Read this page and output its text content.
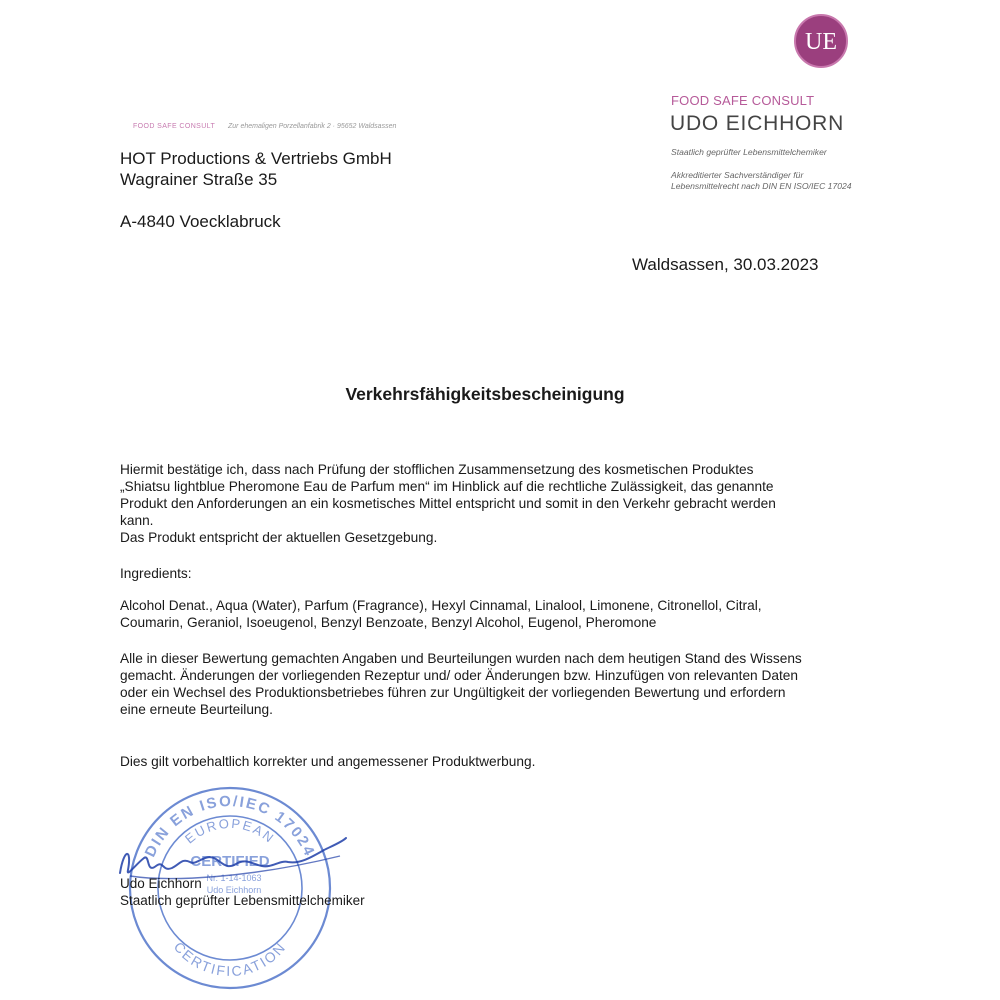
UE
FOOD SAFE CONSULT
UDO EICHHORN
Staatlich geprüfter Lebensmittelchemiker
Akkreditierter Sachverständiger für
Lebensmittelrecht nach DIN EN ISO/IEC 17024
FOOD SAFE CONSULT Zur ehemaligen Porzellanfabrik 2 · 95652 Waldsassen
HOT Productions & Vertriebs GmbH
Wagrainer Straße 35
A-4840 Voecklabruck
Waldsassen, 30.03.2023
Verkehrsfähigkeitsbescheinigung

Hiermit bestätige ich, dass nach Prüfung der stofflichen Zusammensetzung des kosmetischen Produktes

„Shiatsu lightblue Pheromone Eau de Parfum men“ im Hinblick auf die rechtliche Zulässigkeit, das genannte

Produkt den Anforderungen an ein kosmetisches Mittel entspricht und somit in den Verkehr gebracht werden

kann.

Das Produkt entspricht der aktuellen Gesetzgebung.

Ingredients:

Alcohol Denat., Aqua (Water), Parfum (Fragrance), Hexyl Cinnamal, Linalool, Limonene, Citronellol, Citral,

Coumarin, Geraniol, Isoeugenol, Benzyl Benzoate, Benzyl Alcohol, Eugenol, Pheromone

Alle in dieser Bewertung gemachten Angaben und Beurteilungen wurden nach dem heutigen Stand des Wissens

gemacht. Änderungen der vorliegenden Rezeptur und/ oder Änderungen bzw. Hinzufügen von relevanten Daten

oder ein Wechsel des Produktionsbetriebes führen zur Ungültigkeit der vorliegenden Bewertung und erfordern

eine erneute Beurteilung.

Dies gilt vorbehaltlich korrekter und angemessener Produktwerbung.
DIN EN ISO/IEC 17024
EUROPEAN
CERTIFIED
Nr. 1-14-1063
Udo Eichhorn
CERTIFICATION
Udo Eichhorn
Staatlich geprüfter Lebensmittelchemiker
